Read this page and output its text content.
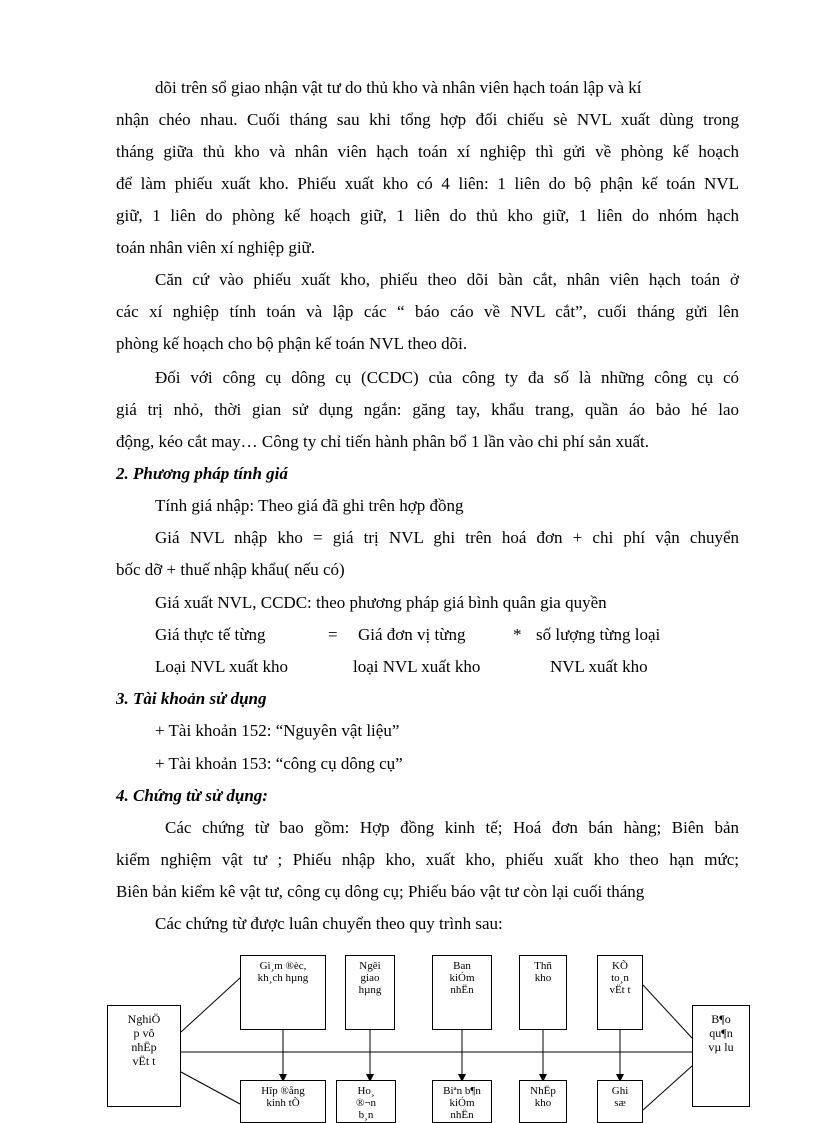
dõi trên sổ giao nhận vật tư do thủ kho và nhân viên hạch toán lập và kí
nhận chéo nhau. Cuối tháng sau khi tổng hợp đối chiếu sè NVL xuất dùng trong
tháng giữa thủ kho và nhân viên hạch toán xí nghiệp thì gửi về phòng kế hoạch
để làm phiếu xuất kho. Phiếu xuất kho có 4 liên: 1 liên do bộ phận kế toán NVL
giữ, 1 liên do phòng kế hoạch giữ, 1 liên do thủ kho giữ, 1 liên do nhóm hạch
toán nhân viên xí nghiệp giữ.
Căn cứ vào phiếu xuất kho, phiếu theo dõi bàn cắt, nhân viên hạch toán ở
các xí nghiệp tính toán và lập các “ báo cáo về NVL cắt”, cuối tháng gửi lên
phòng kế hoạch cho bộ phận kế toán NVL theo dõi.
Đối với công cụ dông cụ (CCDC) của công ty đa số là những công cụ có
giá trị nhỏ, thời gian sử dụng ngắn: găng tay, khẩu trang, quần áo bảo hé lao
động, kéo cắt may… Công ty chỉ tiến hành phân bổ 1 lần vào chi phí sản xuất.
2. Phương pháp tính giá
Tính giá nhập: Theo giá đã ghi trên hợp đồng
Giá NVL nhập kho = giá trị NVL ghi trên hoá đơn + chi phí vận chuyển
bốc dỡ + thuế nhập khẩu( nếu có)
Giá xuất NVL, CCDC: theo phương pháp giá bình quân gia quyền
Giá thực tế từng	= Giá đơn vị từng	* số lượng từng loại
Loại NVL xuất kho	loại NVL xuất kho	NVL xuất kho
3. Tài khoản sử dụng
+ Tài khoản 152: “Nguyên vật liệu”
+ Tài khoản 153: “công cụ dông cụ”
4. Chứng từ sử dụng:
Các chứng từ bao gồm: Hợp đồng kinh tế; Hoá đơn bán hàng; Biên bản
kiểm nghiệm vật tư ; Phiếu nhập kho, xuất kho, phiếu xuất kho theo hạn mức;
Biên bản kiểm kê vật tư, công cụ dông cụ; Phiếu báo vật tư còn lại cuối tháng
Các chứng từ được luân chuyển theo quy trình sau:
NghiÖ
p vô
nhËp
vËt t
B¶o
qu¶n
vµ lu
Gi¸m ®èc,
kh¸ch hµng
Ngêi
giao
hµng
Ban
kiÓm
nhËn
Thñ
kho
KÕ
to¸n
vËt t
Hîp ®ång
kinh tÕ
Ho¸
®¬n
b¸n
Biªn b¶n
kiÓm
nhËn
NhËp
kho
Ghi
sæ
